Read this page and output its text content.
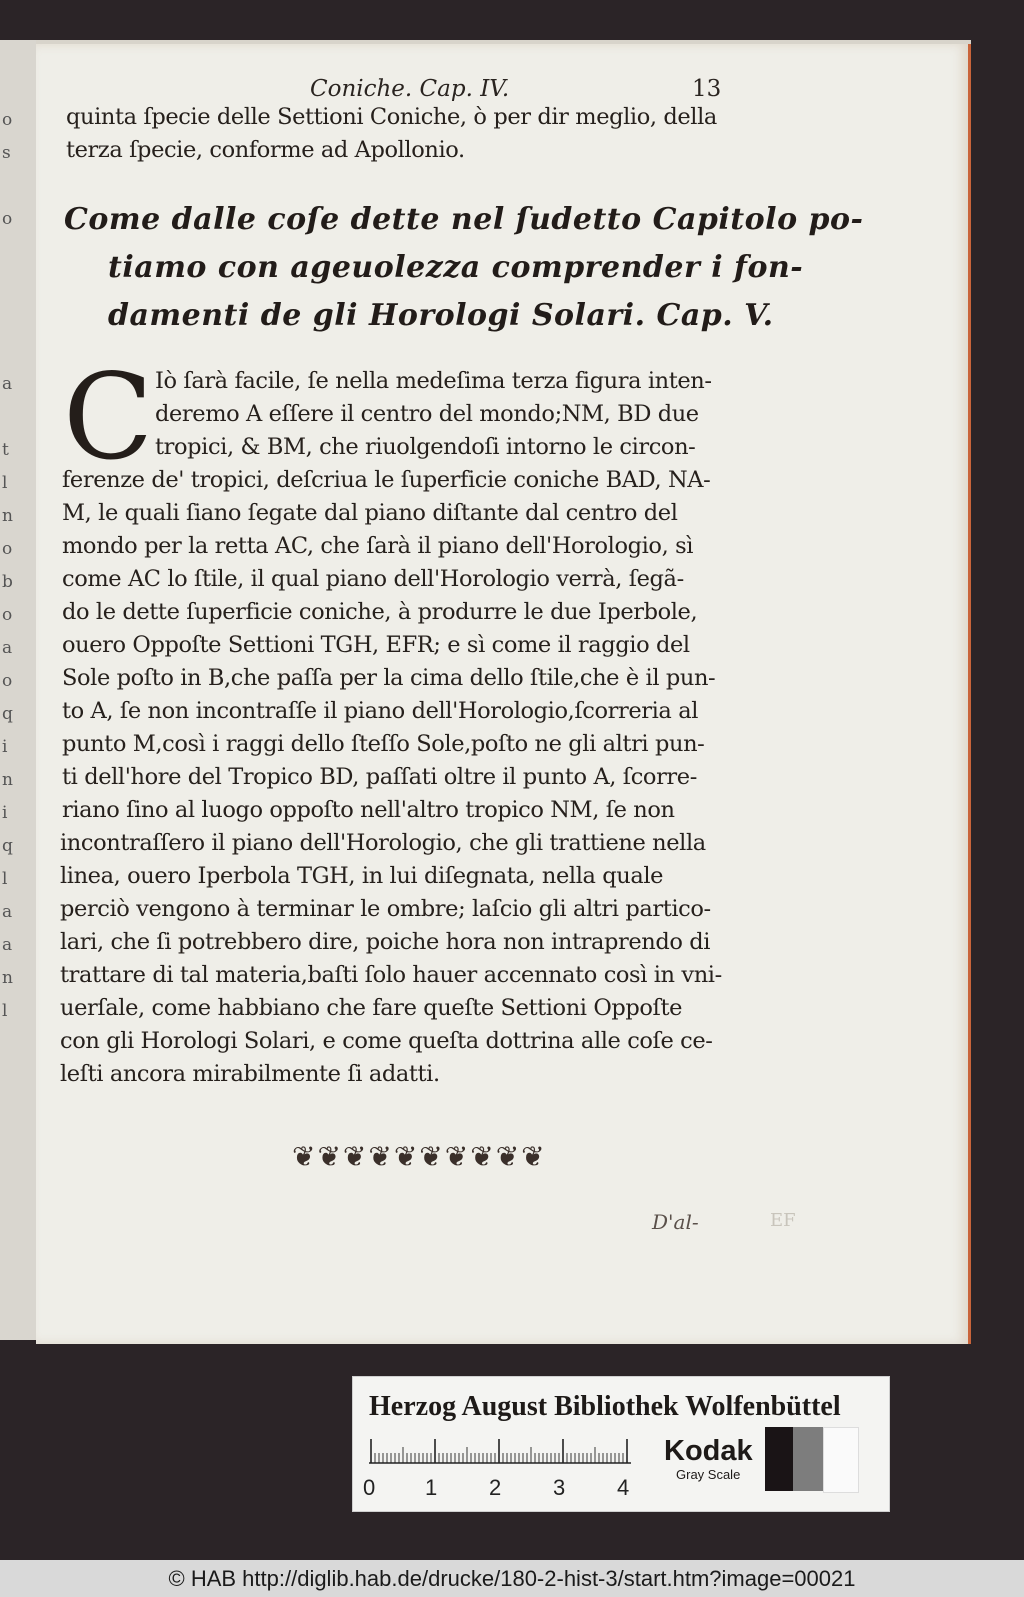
o
s
o
a
t
l
n
o
b
o
a
o
q
i
n
i
q
l
a
a
n
l
Coniche. Cap. IV.	13
quinta ſpecie delle Settioni Coniche, ò per dir meglio, della
terza ſpecie, conforme ad Apollonio.
Come dalle coſe dette nel ſudetto Capitolo po-
tiamo con ageuolezza comprender i fon-
damenti de gli Horologi Solari. Cap. V.
C Iò ſarà facile, ſe nella medeſima terza figura inten-
deremo A eſſere il centro del mondo;NM, BD due
tropici, & BM, che riuolgendoſi intorno le circon-
ferenze de' tropici, deſcriua le ſuperficie coniche BAD, NA-
M, le quali ſiano ſegate dal piano diſtante dal centro del
mondo per la retta AC, che ſarà il piano dell'Horologio, sì
come AC lo ſtile, il qual piano dell'Horologio verrà, ſegã-
do le dette ſuperficie coniche, à produrre le due Iperbole,
ouero Oppoſte Settioni TGH, EFR; e sì come il raggio del
Sole poſto in B,che paſſa per la cima dello ſtile,che è il pun-
to A, ſe non incontraſſe il piano dell'Horologio,ſcorreria al
punto M,così i raggi dello ſteſſo Sole,poſto ne gli altri pun-
ti dell'hore del Tropico BD, paſſati oltre il punto A, ſcorre-
riano ſino al luogo oppoſto nell'altro tropico NM, ſe non
incontraſſero il piano dell'Horologio, che gli trattiene nella
linea, ouero Iperbola TGH, in lui diſegnata, nella quale
perciò vengono à terminar le ombre; laſcio gli altri partico-
lari, che ſi potrebbero dire, poiche hora non intraprendo di
trattare di tal materia,baſti ſolo hauer accennato così in vni-
uerſale, come habbiano che fare queſte Settioni Oppoſte
con gli Horologi Solari, e come queſta dottrina alle coſe ce-
leſti ancora mirabilmente ſi adatti.
❦❦❦❦❦❦❦❦❦❦
D'al-	EF
Herzog August Bibliothek Wolfenbüttel
0 1 2 3 4
Kodak
Gray Scale
© HAB http://diglib.hab.de/drucke/180-2-hist-3/start.htm?image=00021
